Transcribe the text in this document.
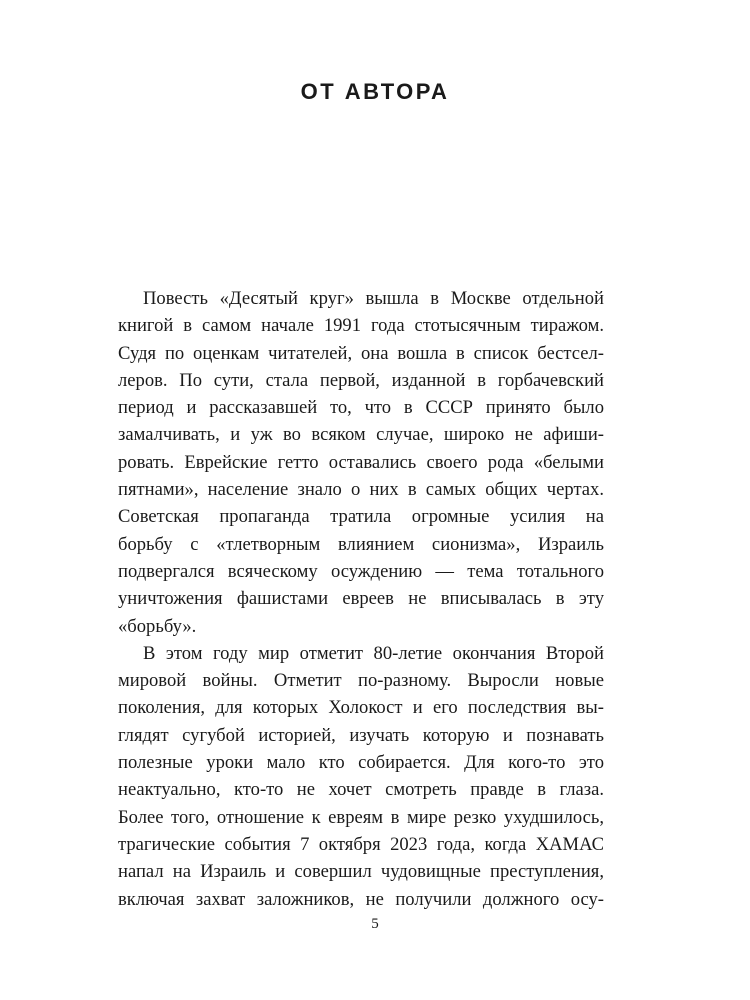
ОТ АВТОРА
Повесть «Десятый круг» вышла в Москве отдельной
книгой в самом начале 1991 года стотысячным тиражом.
Судя по оценкам читателей, она вошла в список бестсел-
леров. По сути, стала первой, изданной в горбачевский
период и рассказавшей то, что в СССР принято было
замалчивать, и уж во всяком случае, широко не афиши-
ровать. Еврейские гетто оставались своего рода «белыми
пятнами», население знало о них в самых общих чертах.
Советская пропаганда тратила огромные усилия на
борьбу с «тлетворным влиянием сионизма», Израиль
подвергался всяческому осуждению — тема тотального
уничтожения фашистами евреев не вписывалась в эту
«борьбу».
В этом году мир отметит 80-летие окончания Второй
мировой войны. Отметит по-разному. Выросли новые
поколения, для которых Холокост и его последствия вы-
глядят сугубой историей, изучать которую и познавать
полезные уроки мало кто собирается. Для кого-то это
неактуально, кто-то не хочет смотреть правде в глаза.
Более того, отношение к евреям в мире резко ухудшилось,
трагические события 7 октября 2023 года, когда ХАМАС
напал на Израиль и совершил чудовищные преступления,
включая захват заложников, не получили должного осу-
5
